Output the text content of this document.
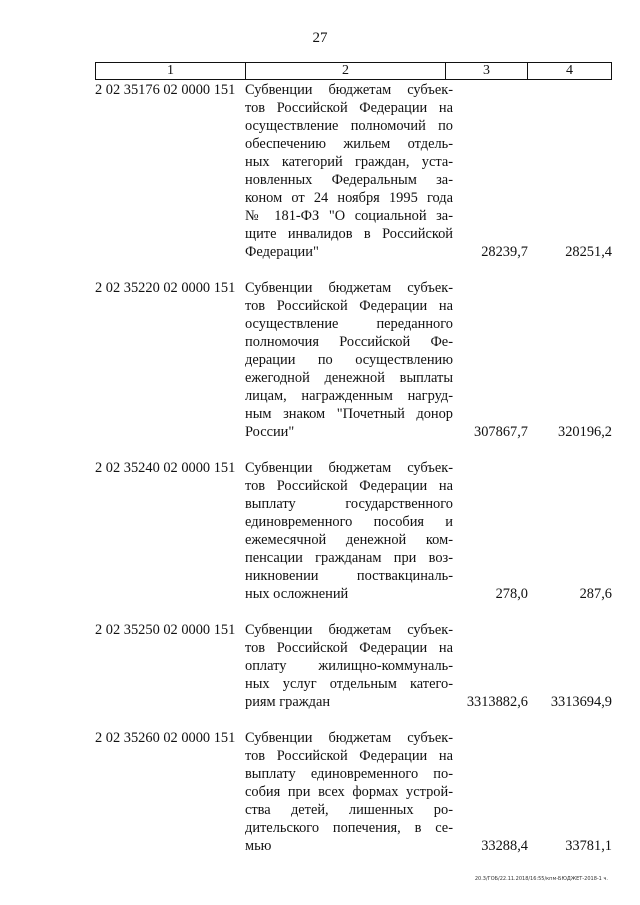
27
1	2	3	4
2 02 35176 02 0000 151 Субвенции бюджетам субъек-
тов Российской Федерации на
осуществление полномочий по
обеспечению жильем отдель-
ных категорий граждан, уста-
новленных Федеральным за-
коном от 24 ноября 1995 года
№ 181-ФЗ "О социальной за-
щите инвалидов в Российской
Федерации"	28239,7	28251,4
2 02 35220 02 0000 151 Субвенции бюджетам субъек-
тов Российской Федерации на
осуществление переданного
полномочия Российской Фе-
дерации по осуществлению
ежегодной денежной выплаты
лицам, награжденным нагруд-
ным знаком "Почетный донор
России"	307867,7	320196,2
2 02 35240 02 0000 151 Субвенции бюджетам субъек-
тов Российской Федерации на
выплату государственного
единовременного пособия и
ежемесячной денежной ком-
пенсации гражданам при воз-
никновении поствакциналь-
ных осложнений	278,0	287,6
2 02 35250 02 0000 151 Субвенции бюджетам субъек-
тов Российской Федерации на
оплату жилищно-коммуналь-
ных услуг отдельным катего-
риям граждан	3313882,6	3313694,9
2 02 35260 02 0000 151 Субвенции бюджетам субъек-
тов Российской Федерации на
выплату единовременного по-
собия при всех формах устрой-
ства детей, лишенных ро-
дительского попечения, в се-
мью	33288,4	33781,1
20.3/ГОБ/22.11.2018/16:55/кпм-БЮДЖЕТ-2018-1 ч.
